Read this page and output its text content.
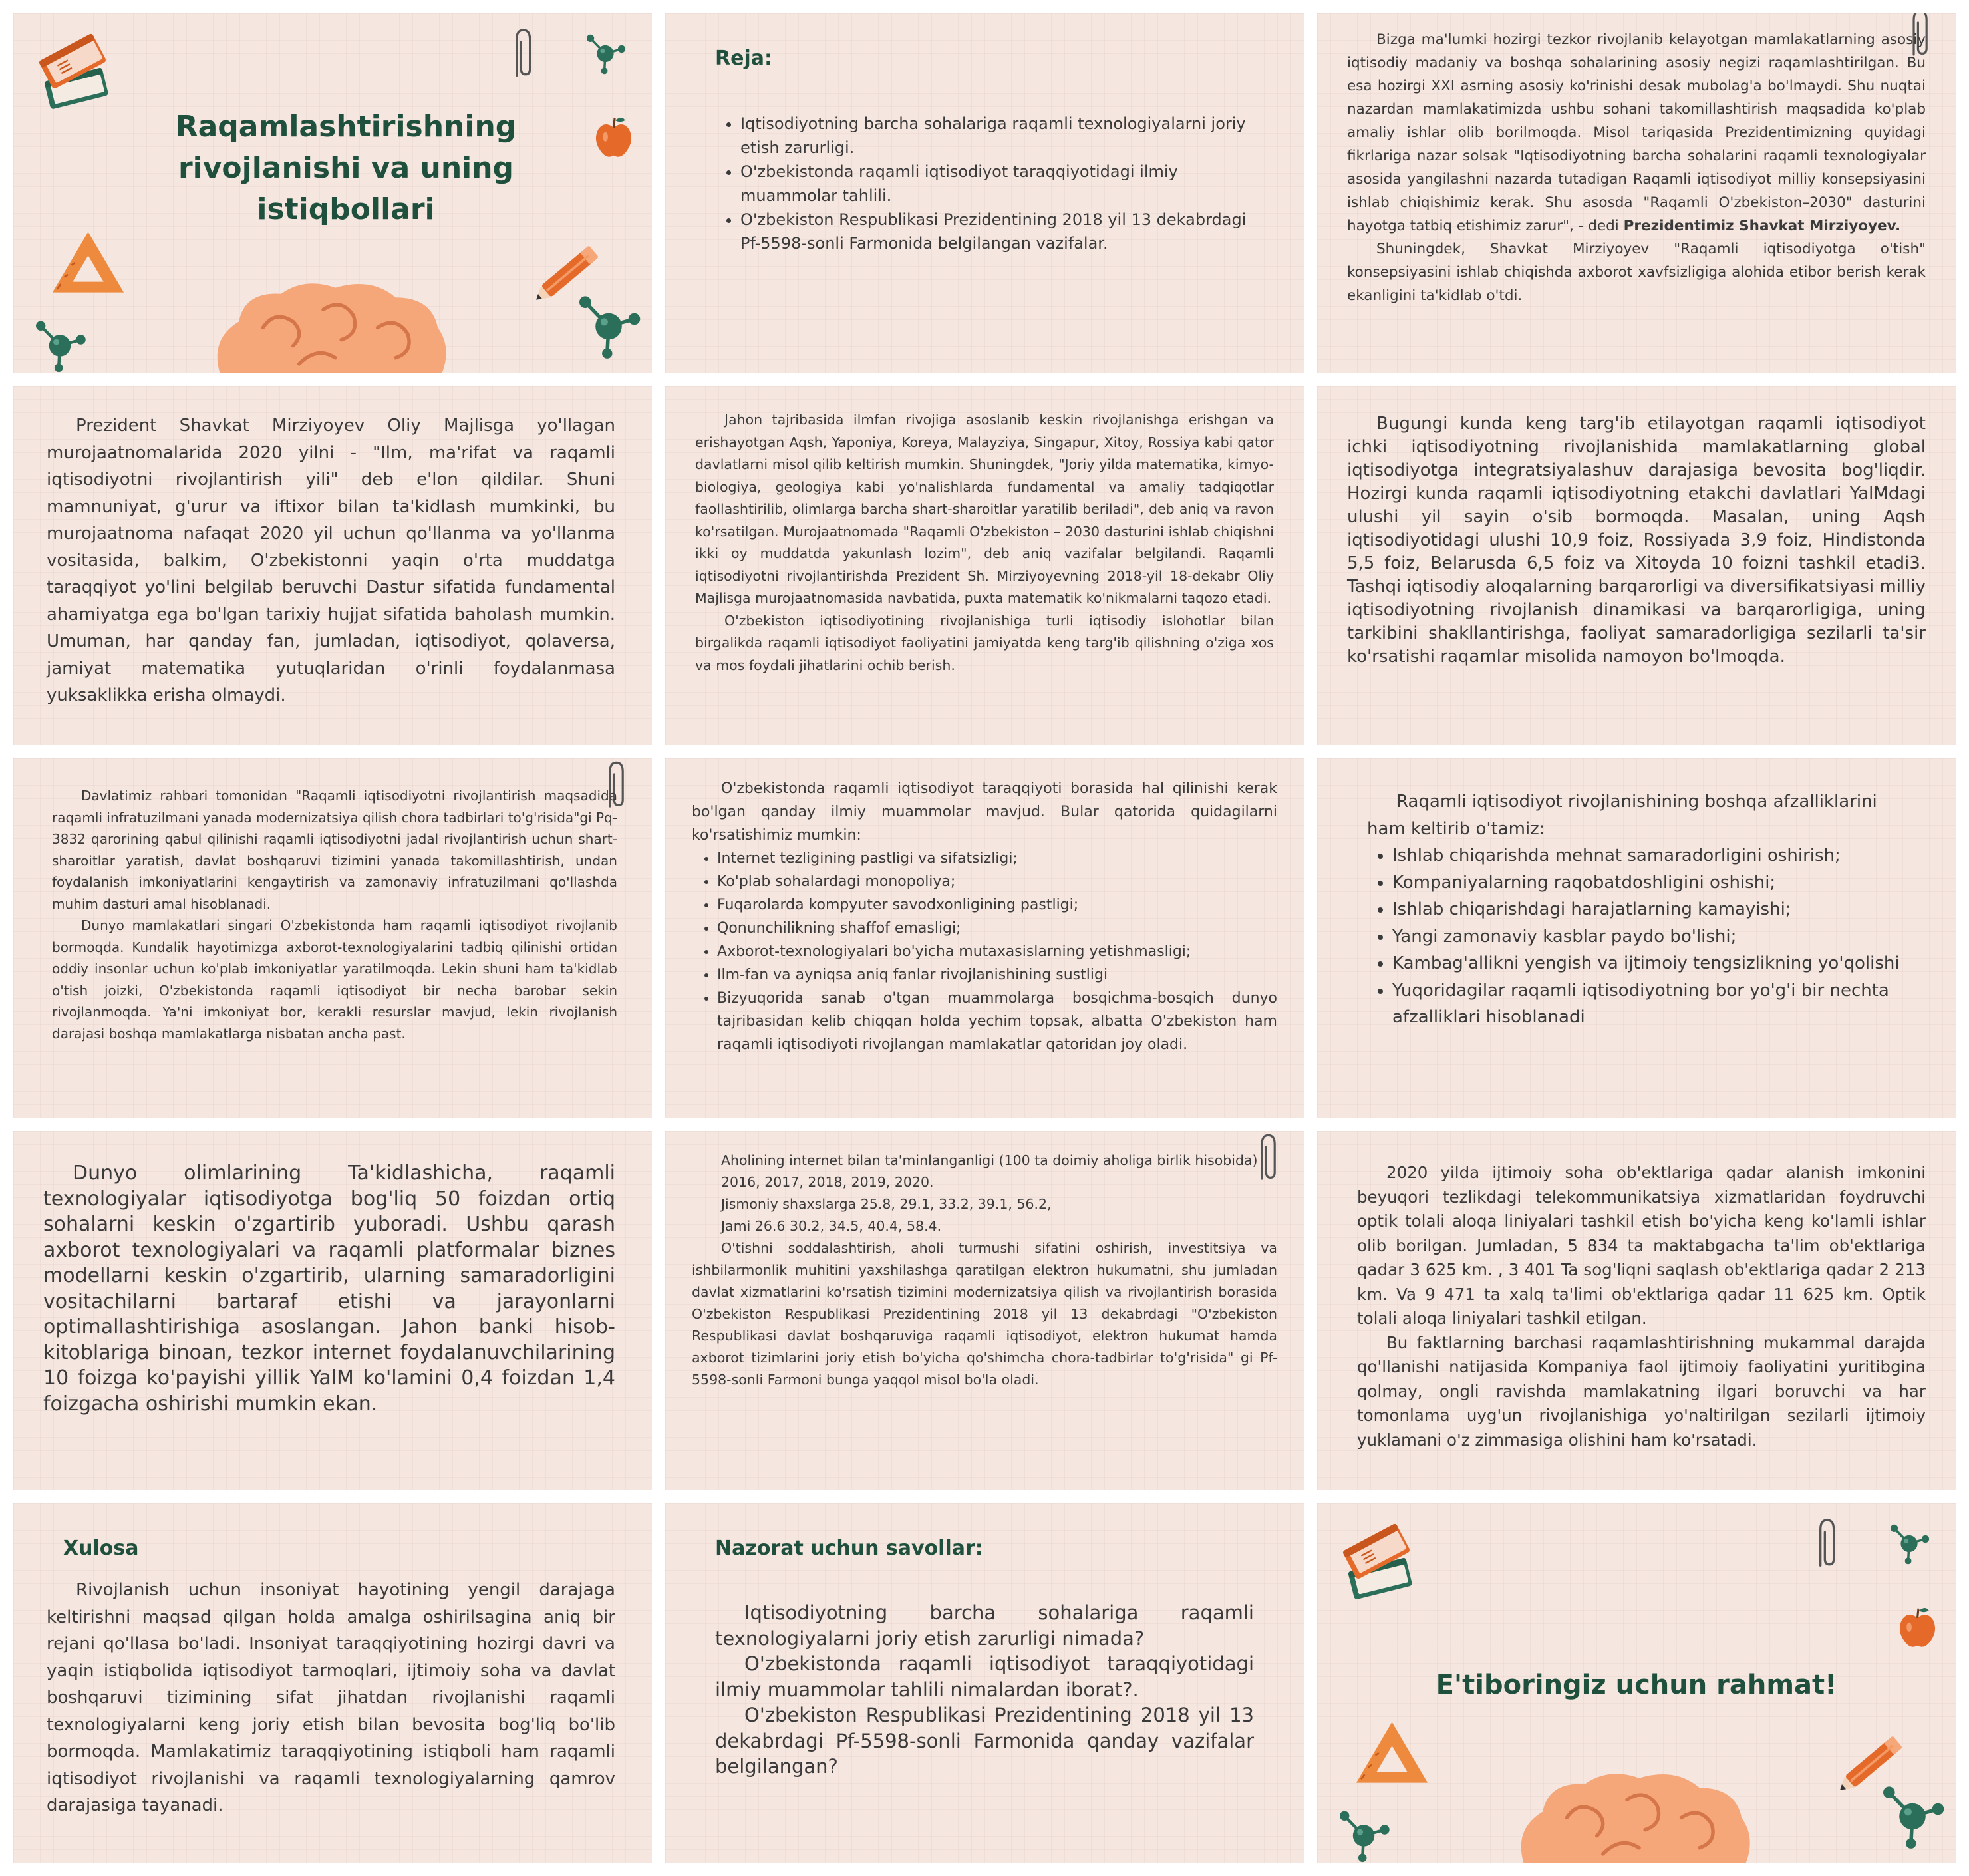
Raqamlashtirishning
rivojlanishi va uning
istiqbollari
Reja:
• Iqtisodiyotning barcha sohalariga raqamli texnologiyalarni joriy etish zarurligi.
• O'zbekistonda raqamli iqtisodiyot taraqqiyotidagi ilmiy muammolar tahlili.
• O'zbekiston Respublikasi Prezidentining 2018 yil 13 dekabrdagi Pf-5598-sonli Farmonida belgilangan vazifalar.

Bizga ma'lumki hozirgi tezkor rivojlanib kelayotgan mamlakatlarning asosiy iqtisodiy madaniy va boshqa sohalarining asosiy negizi raqamlashtirilgan. Bu esa hozirgi XXI asrning asosiy ko'rinishi desak mubolag'a bo'lmaydi. Shu nuqtai nazardan mamlakatimizda ushbu sohani takomillashtirish maqsadida ko'plab amaliy ishlar olib borilmoqda. Misol tariqasida Prezidentimizning quyidagi fikrlariga nazar solsak "Iqtisodiyotning barcha sohalarini raqamli texnologiyalar asosida yangilashni nazarda tutadigan Raqamli iqtisodiyot milliy konsepsiyasini ishlab chiqishimiz kerak. Shu asosda "Raqamli O'zbekiston–2030" dasturini hayotga tatbiq etishimiz zarur", - dedi Prezidentimiz Shavkat Mirziyoyev.

Shuningdek, Shavkat Mirziyoyev "Raqamli iqtisodiyotga o'tish" konsepsiyasini ishlab chiqishda axborot xavfsizligiga alohida etibor berish kerak ekanligini ta'kidlab o'tdi.

Prezident Shavkat Mirziyoyev Oliy Majlisga yo'llagan murojaatnomalarida 2020 yilni - "Ilm, ma'rifat va raqamli iqtisodiyotni rivojlantirish yili" deb e'lon qildilar. Shuni mamnuniyat, g'urur va iftixor bilan ta'kidlash mumkinki, bu murojaatnoma nafaqat 2020 yil uchun qo'llanma va yo'llanma vositasida, balkim, O'zbekistonni yaqin o'rta muddatga taraqqiyot yo'lini belgilab beruvchi Dastur sifatida fundamental ahamiyatga ega bo'lgan tarixiy hujjat sifatida baholash mumkin. Umuman, har qanday fan, jumladan, iqtisodiyot, qolaversa, jamiyat matematika yutuqlaridan o'rinli foydalanmasa yuksaklikka erisha olmaydi.

Jahon tajribasida ilmfan rivojiga asoslanib keskin rivojlanishga erishgan va erishayotgan Aqsh, Yaponiya, Koreya, Malayziya, Singapur, Xitoy, Rossiya kabi qator davlatlarni misol qilib keltirish mumkin. Shuningdek, "Joriy yilda matematika, kimyo-biologiya, geologiya kabi yo'nalishlarda fundamental va amaliy tadqiqotlar faollashtirilib, olimlarga barcha shart-sharoitlar yaratilib beriladi", deb aniq va ravon ko'rsatilgan. Murojaatnomada "Raqamli O'zbekiston – 2030 dasturini ishlab chiqishni ikki oy muddatda yakunlash lozim", deb aniq vazifalar belgilandi. Raqamli iqtisodiyotni rivojlantirishda Prezident Sh. Mirziyoyevning 2018-yil 18-dekabr Oliy Majlisga murojaatnomasida navbatida, puxta matematik ko'nikmalarni taqozo etadi.

O'zbekiston iqtisodiyotining rivojlanishiga turli iqtisodiy islohotlar bilan birgalikda raqamli iqtisodiyot faoliyatini jamiyatda keng targ'ib qilishning o'ziga xos va mos foydali jihatlarini ochib berish.

Bugungi kunda keng targ'ib etilayotgan raqamli iqtisodiyot ichki iqtisodiyotning rivojlanishida mamlakatlarning global iqtisodiyotga integratsiyalashuv darajasiga bevosita bog'liqdir. Hozirgi kunda raqamli iqtisodiyotning etakchi davlatlari YalMdagi ulushi yil sayin o'sib bormoqda. Masalan, uning Aqsh iqtisodiyotidagi ulushi 10,9 foiz, Rossiyada 3,9 foiz, Hindistonda 5,5 foiz, Belarusda 6,5 foiz va Xitoyda 10 foizni tashkil etadi3. Tashqi iqtisodiy aloqalarning barqarorligi va diversifikatsiyasi milliy iqtisodiyotning rivojlanish dinamikasi va barqarorligiga, uning tarkibini shakllantirishga, faoliyat samaradorligiga sezilarli ta'sir ko'rsatishi raqamlar misolida namoyon bo'lmoqda.

Davlatimiz rahbari tomonidan "Raqamli iqtisodiyotni rivojlantirish maqsadida raqamli infratuzilmani yanada modernizatsiya qilish chora tadbirlari to'g'risida"gi Pq-3832 qarorining qabul qilinishi raqamli iqtisodiyotni jadal rivojlantirish uchun shart-sharoitlar yaratish, davlat boshqaruvi tizimini yanada takomillashtirish, undan foydalanish imkoniyatlarini kengaytirish va zamonaviy infratuzilmani qo'llashda muhim dasturi amal hisoblanadi.

Dunyo mamlakatlari singari O'zbekistonda ham raqamli iqtisodiyot rivojlanib bormoqda. Kundalik hayotimizga axborot-texnologiyalarini tadbiq qilinishi ortidan oddiy insonlar uchun ko'plab imkoniyatlar yaratilmoqda. Lekin shuni ham ta'kidlab o'tish joizki, O'zbekistonda raqamli iqtisodiyot bir necha barobar sekin rivojlanmoqda. Ya'ni imkoniyat bor, kerakli resurslar mavjud, lekin rivojlanish darajasi boshqa mamlakatlarga nisbatan ancha past.

O'zbekistonda raqamli iqtisodiyot taraqqiyoti borasida hal qilinishi kerak bo'lgan qanday ilmiy muammolar mavjud. Bular qatorida quidagilarni ko'rsatishimiz mumkin:

• Internet tezligining pastligi va sifatsizligi;
• Ko'plab sohalardagi monopoliya;
• Fuqarolarda kompyuter savodxonligining pastligi;
• Qonunchilikning shaffof emasligi;
• Axborot-texnologiyalari bo'yicha mutaxasislarning yetishmasligi;
• Ilm-fan va ayniqsa aniq fanlar rivojlanishining sustligi
• Bizyuqorida sanab o'tgan muammolarga bosqichma-bosqich dunyo tajribasidan kelib chiqqan holda yechim topsak, albatta O'zbekiston ham raqamli iqtisodiyoti rivojlangan mamlakatlar qatoridan joy oladi.

Raqamli iqtisodiyot rivojlanishining boshqa afzalliklarini ham keltirib o'tamiz:

• Ishlab chiqarishda mehnat samaradorligini oshirish;
• Kompaniyalarning raqobatdoshligini oshishi;
• Ishlab chiqarishdagi harajatlarning kamayishi;
• Yangi zamonaviy kasblar paydo bo'lishi;
• Kambag'allikni yengish va ijtimoiy tengsizlikning yo'qolishi
• Yuqoridagilar raqamli iqtisodiyotning bor yo'g'i bir nechta afzalliklari hisoblanadi

Dunyo olimlarining Ta'kidlashicha, raqamli texnologiyalar iqtisodiyotga bog'liq 50 foizdan ortiq sohalarni keskin o'zgartirib yuboradi. Ushbu qarash axborot texnologiyalari va raqamli platformalar biznes modellarni keskin o'zgartirib, ularning samaradorligini vositachilarni bartaraf etishi va jarayonlarni optimallashtirishiga asoslangan. Jahon banki hisob-kitoblariga binoan, tezkor internet foydalanuvchilarining 10 foizga ko'payishi yillik YalM ko'lamini 0,4 foizdan 1,4 foizgacha oshirishi mumkin ekan.

Aholining internet bilan ta'minlanganligi (100 ta doimiy aholiga birlik hisobida)

2016, 2017, 2018, 2019, 2020.

Jismoniy shaxslarga 25.8, 29.1, 33.2, 39.1, 56.2,

Jami 26.6 30.2, 34.5, 40.4, 58.4.

O'tishni soddalashtirish, aholi turmushi sifatini oshirish, investitsiya va ishbilarmonlik muhitini yaxshilashga qaratilgan elektron hukumatni, shu jumladan davlat xizmatlarini ko'rsatish tizimini modernizatsiya qilish va rivojlantirish borasida O'zbekiston Respublikasi Prezidentining 2018 yil 13 dekabrdagi "O'zbekiston Respublikasi davlat boshqaruviga raqamli iqtisodiyot, elektron hukumat hamda axborot tizimlarini joriy etish bo'yicha qo'shimcha chora-tadbirlar to'g'risida" gi Pf-5598-sonli Farmoni bunga yaqqol misol bo'la oladi.

2020 yilda ijtimoiy soha ob'ektlariga qadar alanish imkonini beyuqori tezlikdagi telekommunikatsiya xizmatlaridan foydruvchi optik tolali aloqa liniyalari tashkil etish bo'yicha keng ko'lamli ishlar olib borilgan. Jumladan, 5 834 ta maktabgacha ta'lim ob'ektlariga qadar 3 625 km. , 3 401 Ta sog'liqni saqlash ob'ektlariga qadar 2 213 km. Va 9 471 ta xalq ta'limi ob'ektlariga qadar 11 625 km. Optik tolali aloqa liniyalari tashkil etilgan.

Bu faktlarning barchasi raqamlashtirishning mukammal darajda qo'llanishi natijasida Kompaniya faol ijtimoiy faoliyatini yuritibgina qolmay, ongli ravishda mamlakatning ilgari boruvchi va har tomonlama uyg'un rivojlanishiga yo'naltirilgan sezilarli ijtimoiy yuklamani o'z zimmasiga olishini ham ko'rsatadi.

Xulosa

Rivojlanish uchun insoniyat hayotining yengil darajaga keltirishni maqsad qilgan holda amalga oshirilsagina aniq bir rejani qo'llasa bo'ladi. Insoniyat taraqqiyotining hozirgi davri va yaqin istiqbolida iqtisodiyot tarmoqlari, ijtimoiy soha va davlat boshqaruvi tizimining sifat jihatdan rivojlanishi raqamli texnologiyalarni keng joriy etish bilan bevosita bog'liq bo'lib bormoqda. Mamlakatimiz taraqqiyotining istiqboli ham raqamli iqtisodiyot rivojlanishi va raqamli texnologiyalarning qamrov darajasiga tayanadi.

Nazorat uchun savollar:

Iqtisodiyotning barcha sohalariga raqamli texnologiyalarni joriy etish zarurligi nimada?

O'zbekistonda raqamli iqtisodiyot taraqqiyotidagi ilmiy muammolar tahlili nimalardan iborat?.

O'zbekiston Respublikasi Prezidentining 2018 yil 13 dekabrdagi Pf-5598-sonli Farmonida qanday vazifalar belgilangan?

E'tiboringiz uchun rahmat!
